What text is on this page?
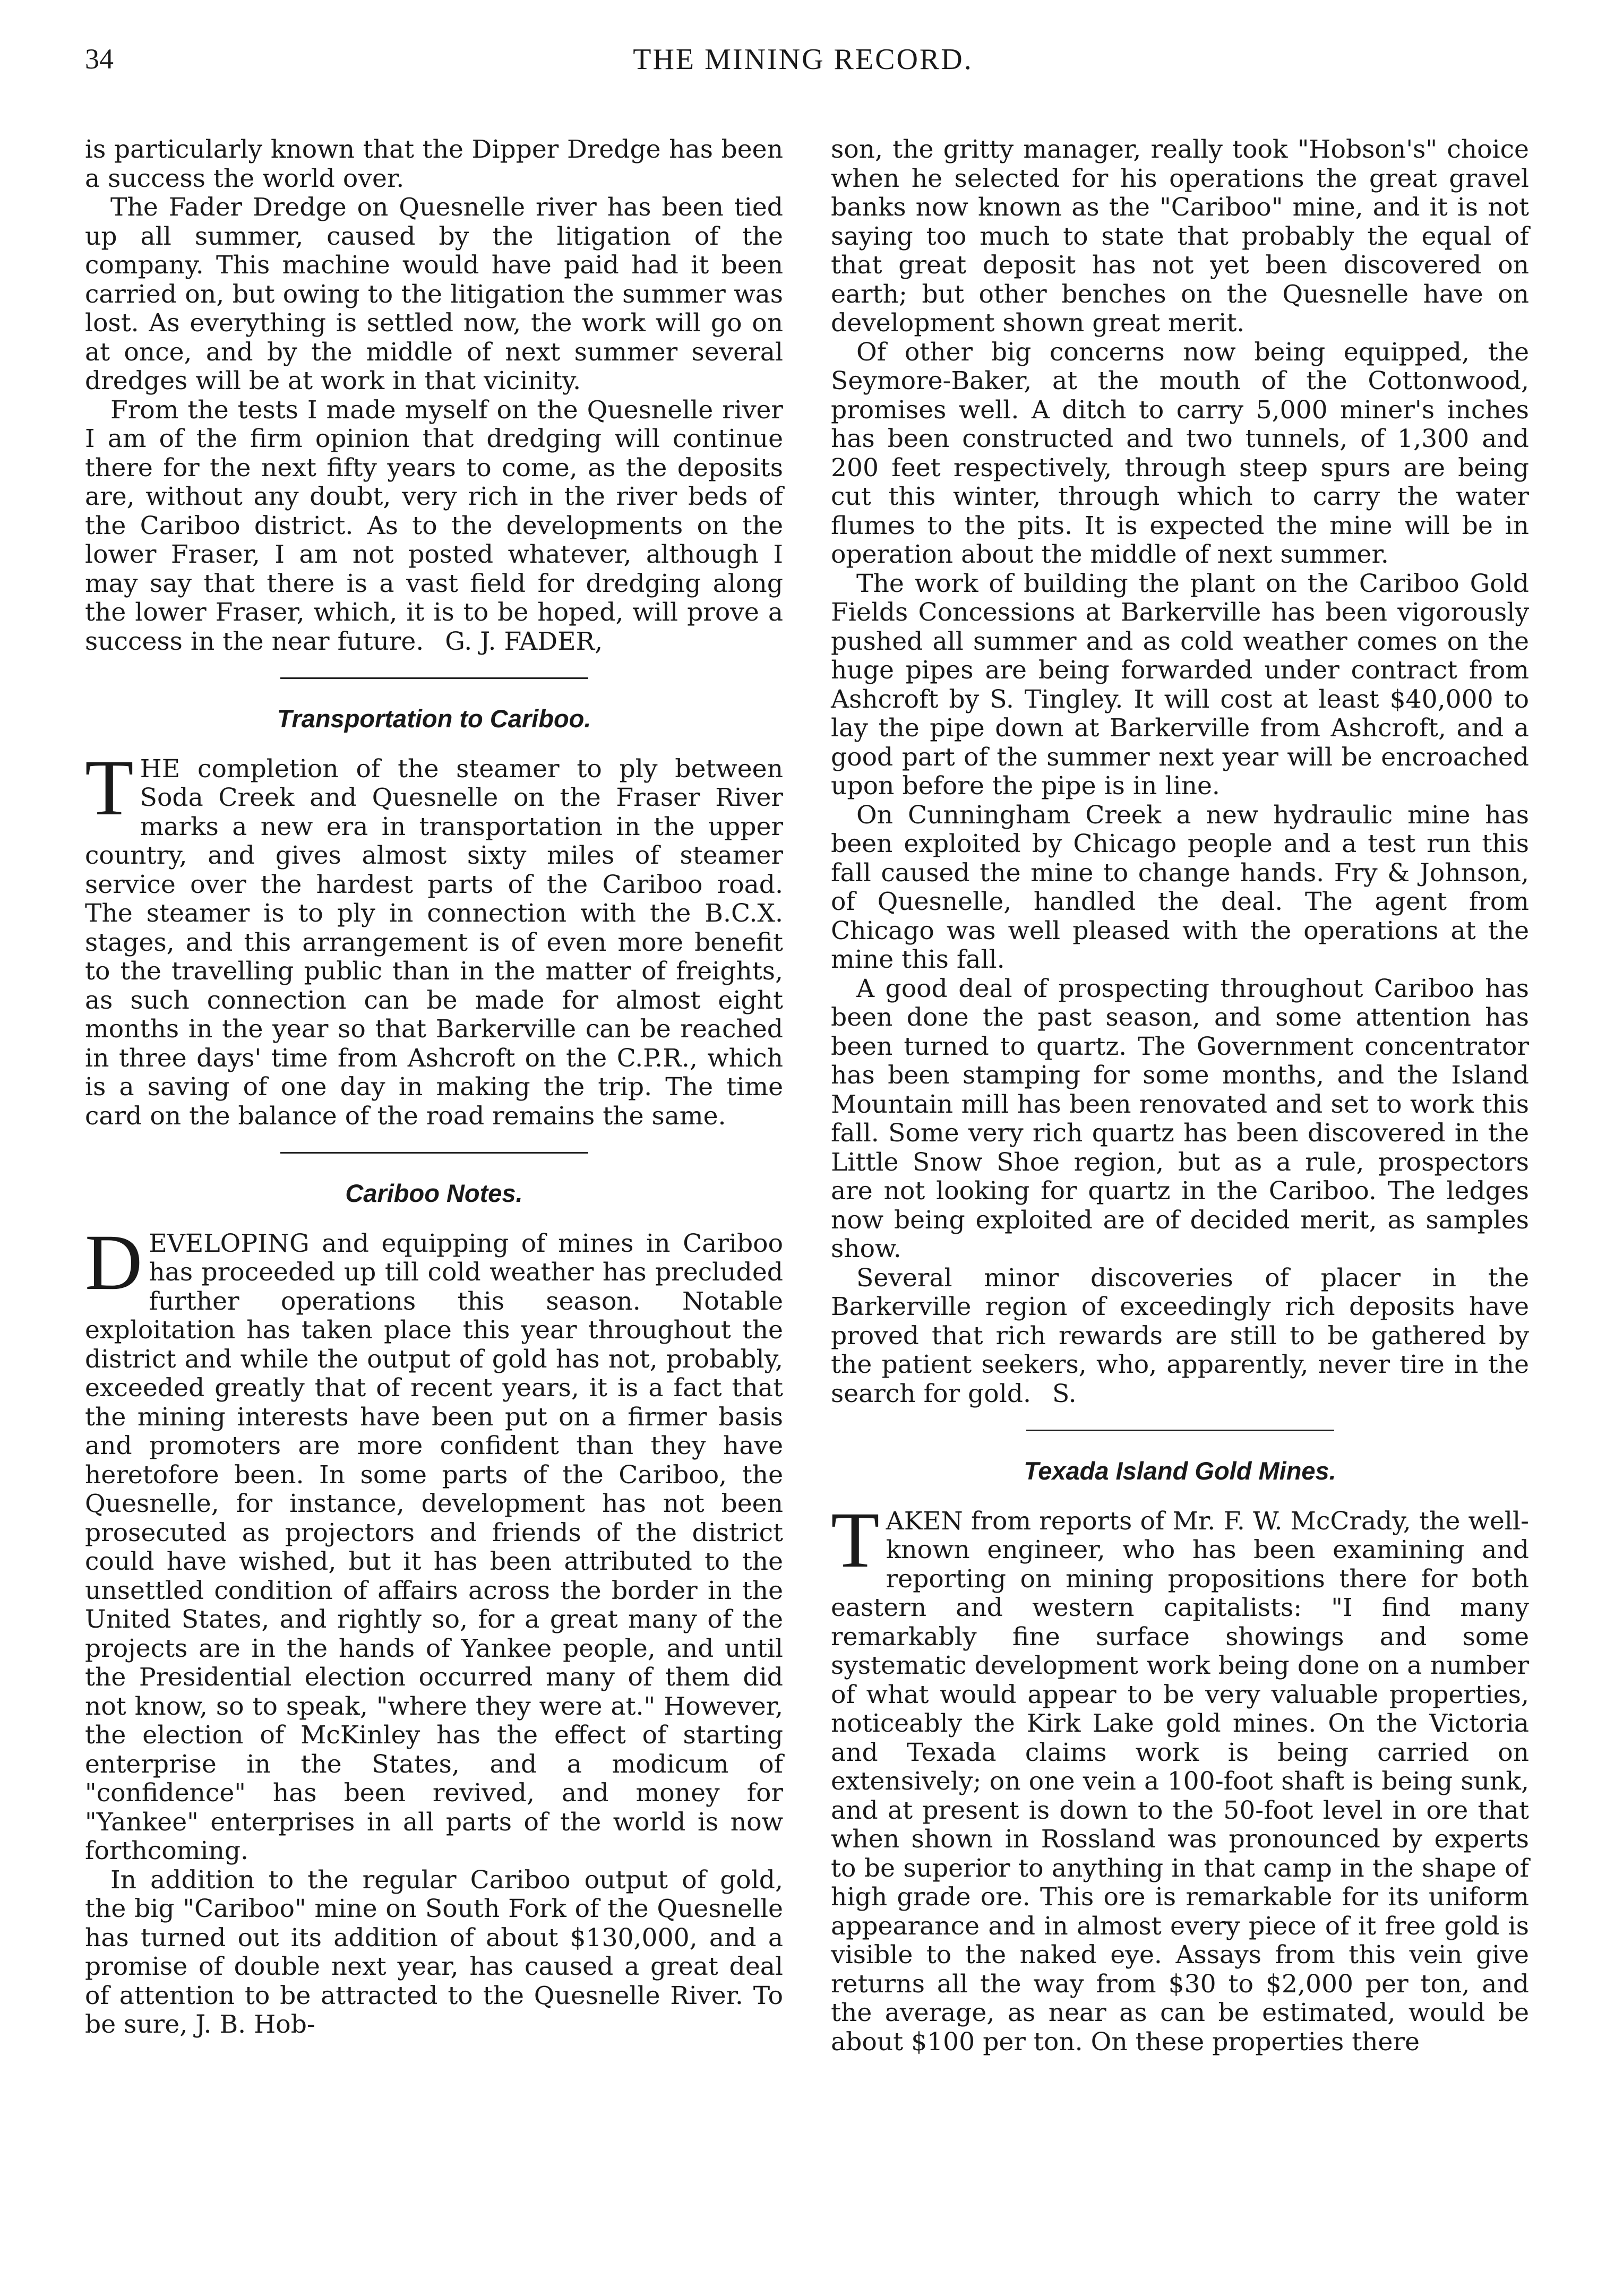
34	THE MINING RECORD.

is particularly known that the Dipper Dredge has been a success the world over.

The Fader Dredge on Quesnelle river has been tied up all summer, caused by the litigation of the company. This machine would have paid had it been carried on, but owing to the litigation the summer was lost. As everything is settled now, the work will go on at once, and by the middle of next summer several dredges will be at work in that vicinity.

From the tests I made myself on the Quesnelle river I am of the firm opinion that dredging will continue there for the next fifty years to come, as the deposits are, without any doubt, very rich in the river beds of the Cariboo district. As to the developments on the lower Fraser, I am not posted whatever, although I may say that there is a vast field for dredging along the lower Fraser, which, it is to be hoped, will prove a success in the near future. G. J. FADER,

Transportation to Cariboo.

THE completion of the steamer to ply between Soda Creek and Quesnelle on the Fraser River marks a new era in transportation in the upper country, and gives almost sixty miles of steamer service over the hardest parts of the Cariboo road. The steamer is to ply in connection with the B.C.X. stages, and this arrangement is of even more benefit to the travelling public than in the matter of freights, as such connection can be made for almost eight months in the year so that Barkerville can be reached in three days' time from Ashcroft on the C.P.R., which is a saving of one day in making the trip. The time card on the balance of the road remains the same.

Cariboo Notes.

DEVELOPING and equipping of mines in Cariboo has proceeded up till cold weather has precluded further operations this season. Notable exploitation has taken place this year throughout the district and while the output of gold has not, probably, exceeded greatly that of recent years, it is a fact that the mining interests have been put on a firmer basis and promoters are more confident than they have heretofore been. In some parts of the Cariboo, the Quesnelle, for instance, development has not been prosecuted as projectors and friends of the district could have wished, but it has been attributed to the unsettled condition of affairs across the border in the United States, and rightly so, for a great many of the projects are in the hands of Yankee people, and until the Presidential election occurred many of them did not know, so to speak, "where they were at." However, the election of McKinley has the effect of starting enterprise in the States, and a modicum of "confidence" has been revived, and money for "Yankee" enterprises in all parts of the world is now forthcoming.

In addition to the regular Cariboo output of gold, the big "Cariboo" mine on South Fork of the Quesnelle has turned out its addition of about $130,000, and a promise of double next year, has caused a great deal of attention to be attracted to the Quesnelle River. To be sure, J. B. Hob-

son, the gritty manager, really took "Hobson's" choice when he selected for his operations the great gravel banks now known as the "Cariboo" mine, and it is not saying too much to state that probably the equal of that great deposit has not yet been discovered on earth; but other benches on the Quesnelle have on development shown great merit.

Of other big concerns now being equipped, the Seymore-Baker, at the mouth of the Cottonwood, promises well. A ditch to carry 5,000 miner's inches has been constructed and two tunnels, of 1,300 and 200 feet respectively, through steep spurs are being cut this winter, through which to carry the water flumes to the pits. It is expected the mine will be in operation about the middle of next summer.

The work of building the plant on the Cariboo Gold Fields Concessions at Barkerville has been vigorously pushed all summer and as cold weather comes on the huge pipes are being forwarded under contract from Ashcroft by S. Tingley. It will cost at least $40,000 to lay the pipe down at Barkerville from Ashcroft, and a good part of the summer next year will be encroached upon before the pipe is in line.

On Cunningham Creek a new hydraulic mine has been exploited by Chicago people and a test run this fall caused the mine to change hands. Fry & Johnson, of Quesnelle, handled the deal. The agent from Chicago was well pleased with the operations at the mine this fall.

A good deal of prospecting throughout Cariboo has been done the past season, and some attention has been turned to quartz. The Government concentrator has been stamping for some months, and the Island Mountain mill has been renovated and set to work this fall. Some very rich quartz has been discovered in the Little Snow Shoe region, but as a rule, prospectors are not looking for quartz in the Cariboo. The ledges now being exploited are of decided merit, as samples show.

Several minor discoveries of placer in the Barkerville region of exceedingly rich deposits have proved that rich rewards are still to be gathered by the patient seekers, who, apparently, never tire in the search for gold. S.

Texada Island Gold Mines.

TAKEN from reports of Mr. F. W. McCrady, the well-known engineer, who has been examining and reporting on mining propositions there for both eastern and western capitalists: "I find many remarkably fine surface showings and some systematic development work being done on a number of what would appear to be very valuable properties, noticeably the Kirk Lake gold mines. On the Victoria and Texada claims work is being carried on extensively; on one vein a 100-foot shaft is being sunk, and at present is down to the 50-foot level in ore that when shown in Rossland was pronounced by experts to be superior to anything in that camp in the shape of high grade ore. This ore is remarkable for its uniform appearance and in almost every piece of it free gold is visible to the naked eye. Assays from this vein give returns all the way from $30 to $2,000 per ton, and the average, as near as can be estimated, would be about $100 per ton. On these properties there
